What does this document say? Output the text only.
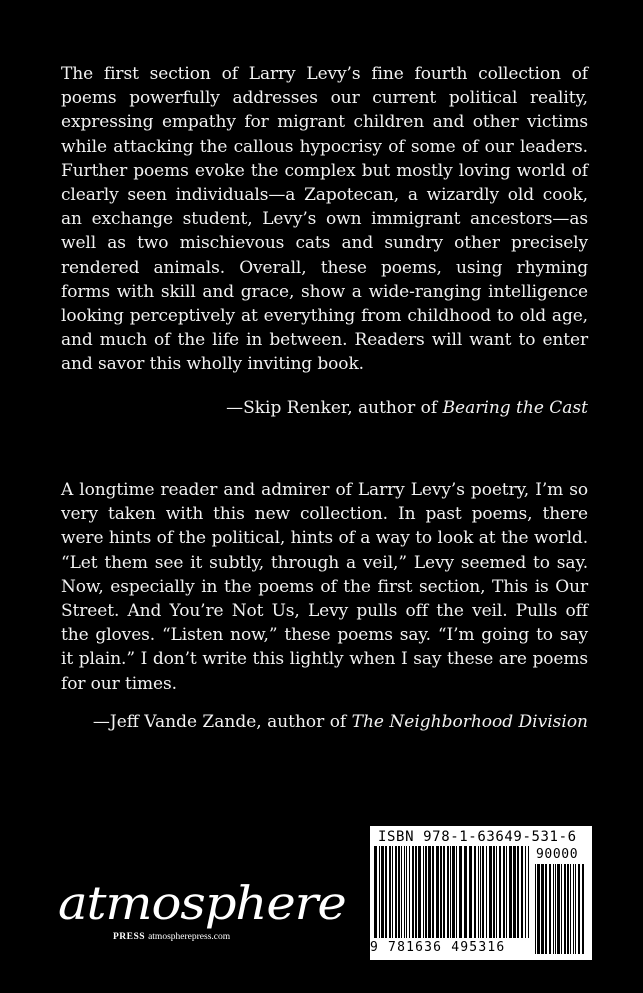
The first section of Larry Levy’s fine fourth collection of poems powerfully addresses our current political reality, expressing empathy for migrant children and other victims while attacking the callous hypocrisy of some of our leaders. Further poems evoke the complex but mostly loving world of clearly seen individuals—a Zapotecan, a wizardly old cook, an exchange student, Levy’s own immigrant ancestors—as well as two mischievous cats and sundry other precisely rendered animals. Overall, these poems, using rhyming forms with skill and grace, show a wide-ranging intelligence looking perceptively at everything from childhood to old age, and much of the life in between. Readers will want to enter and savor this wholly inviting book.

—Skip Renker, author of Bearing the Cast

A longtime reader and admirer of Larry Levy’s poetry, I’m so very taken with this new collection. In past poems, there were hints of the political, hints of a way to look at the world. “Let them see it subtly, through a veil,” Levy seemed to say. Now, especially in the poems of the first section, This is Our Street. And You’re Not Us, Levy pulls off the veil. Pulls off the gloves. “Listen now,” these poems say. “I’m going to say it plain.” I don’t write this lightly when I say these are poems for our times.

—Jeff Vande Zande, author of The Neighborhood Division

ISBN 978-1-63649-531-6
9 781636 495316
90000
atmosphere
PRESS atmospherepress.com
